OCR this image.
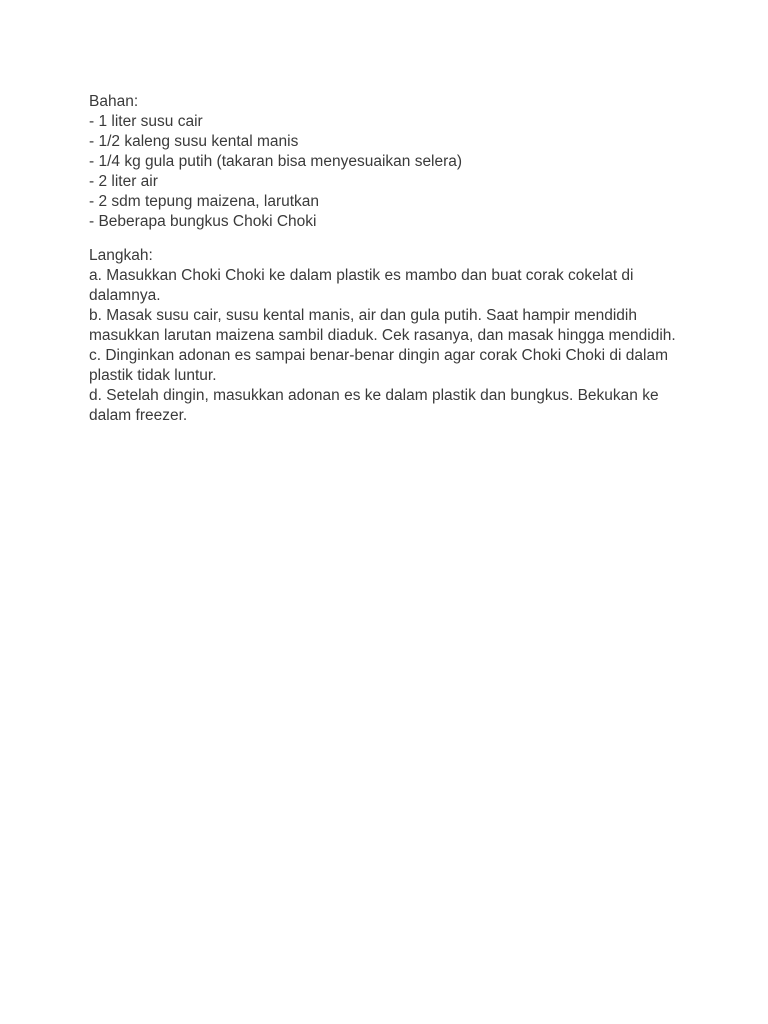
Bahan:
- 1 liter susu cair
- 1/2 kaleng susu kental manis
- 1/4 kg gula putih (takaran bisa menyesuaikan selera)
- 2 liter air
- 2 sdm tepung maizena, larutkan
- Beberapa bungkus Choki Choki
Langkah:
a. Masukkan Choki Choki ke dalam plastik es mambo dan buat corak cokelat di dalamnya.
b. Masak susu cair, susu kental manis, air dan gula putih. Saat hampir mendidih masukkan larutan maizena sambil diaduk. Cek rasanya, dan masak hingga mendidih.
c. Dinginkan adonan es sampai benar-benar dingin agar corak Choki Choki di dalam plastik tidak luntur.
d. Setelah dingin, masukkan adonan es ke dalam plastik dan bungkus. Bekukan ke dalam freezer.
